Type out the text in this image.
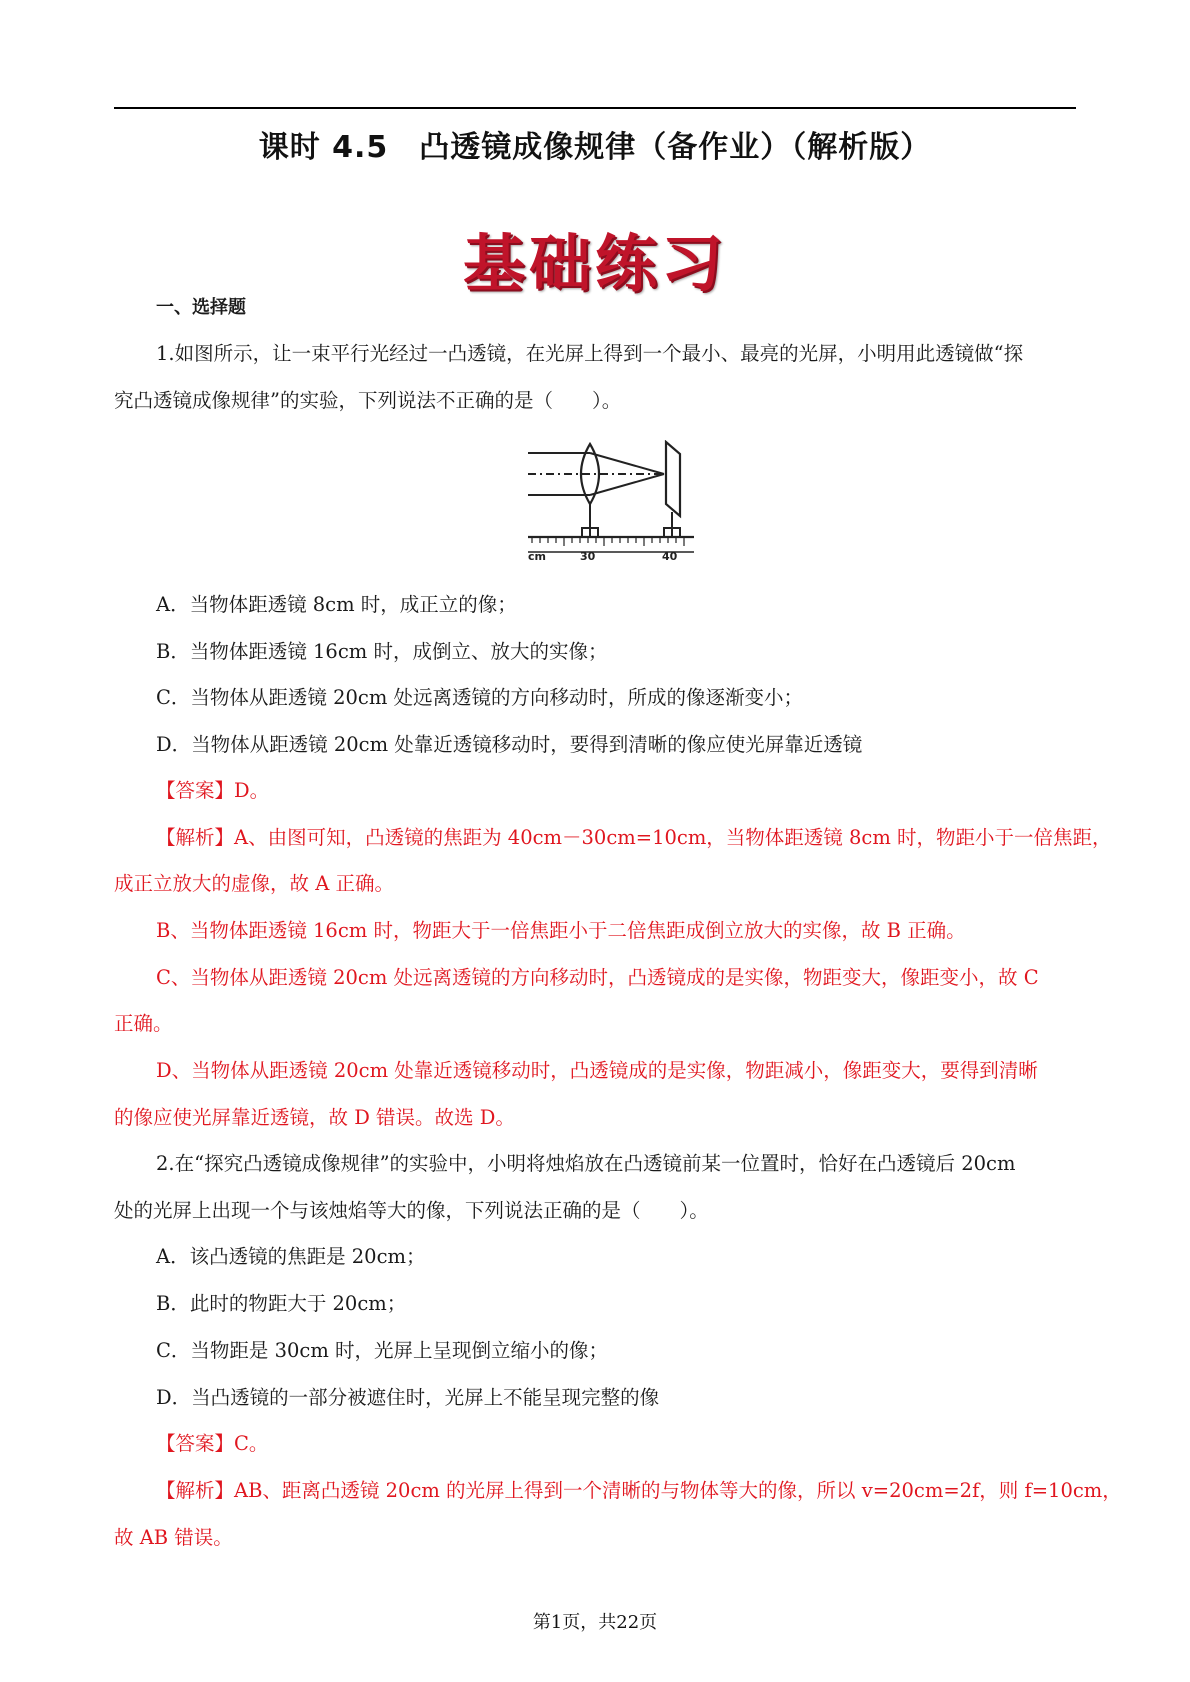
课时 4.5　凸透镜成像规律（备作业）（解析版）
基础练习
一、选择题
1.如图所示，让一束平行光经过一凸透镜，在光屏上得到一个最小、最亮的光屏，小明用此透镜做“探
究凸透镜成像规律”的实验，下列说法不正确的是（　　）。
cm	30	40
A．当物体距透镜 8cm 时，成正立的像；
B．当物体距透镜 16cm 时，成倒立、放大的实像；
C．当物体从距透镜 20cm 处远离透镜的方向移动时，所成的像逐渐变小；
D．当物体从距透镜 20cm 处靠近透镜移动时，要得到清晰的像应使光屏靠近透镜
【答案】D。
【解析】A、由图可知，凸透镜的焦距为 40cm－30cm=10cm，当物体距透镜 8cm 时，物距小于一倍焦距，
成正立放大的虚像，故 A 正确。
B、当物体距透镜 16cm 时，物距大于一倍焦距小于二倍焦距成倒立放大的实像，故 B 正确。
C、当物体从距透镜 20cm 处远离透镜的方向移动时，凸透镜成的是实像，物距变大，像距变小，故 C
正确。
D、当物体从距透镜 20cm 处靠近透镜移动时，凸透镜成的是实像，物距减小，像距变大，要得到清晰
的像应使光屏靠近透镜，故 D 错误。故选 D。
2.在“探究凸透镜成像规律”的实验中，小明将烛焰放在凸透镜前某一位置时，恰好在凸透镜后 20cm
处的光屏上出现一个与该烛焰等大的像，下列说法正确的是（　　）。
A．该凸透镜的焦距是 20cm；
B．此时的物距大于 20cm；
C．当物距是 30cm 时，光屏上呈现倒立缩小的像；
D．当凸透镜的一部分被遮住时，光屏上不能呈现完整的像
【答案】C。
【解析】AB、距离凸透镜 20cm 的光屏上得到一个清晰的与物体等大的像，所以 v=20cm=2f，则 f=10cm，
故 AB 错误。
第1页，共22页
